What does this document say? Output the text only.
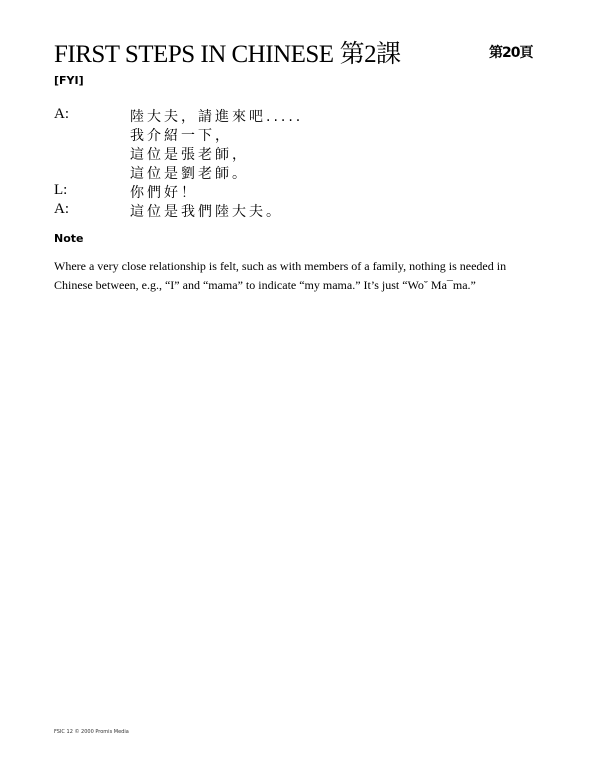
FIRST STEPS IN CHINESE 第2課	第20頁
[FYI]
A:	陸大夫，請進來吧.....
我介紹一下，
這位是張老師，
這位是劉老師。
L:	你們好！
A:	這位是我們陸大夫。
Note
Where a very close relationship is felt, such as with members of a family, nothing is needed in Chinese between, e.g., “I” and “mama” to indicate “my mama.” It’s just “Wo˘ Ma¯ma.”
FSIC 12 © 2000 Promis Media
